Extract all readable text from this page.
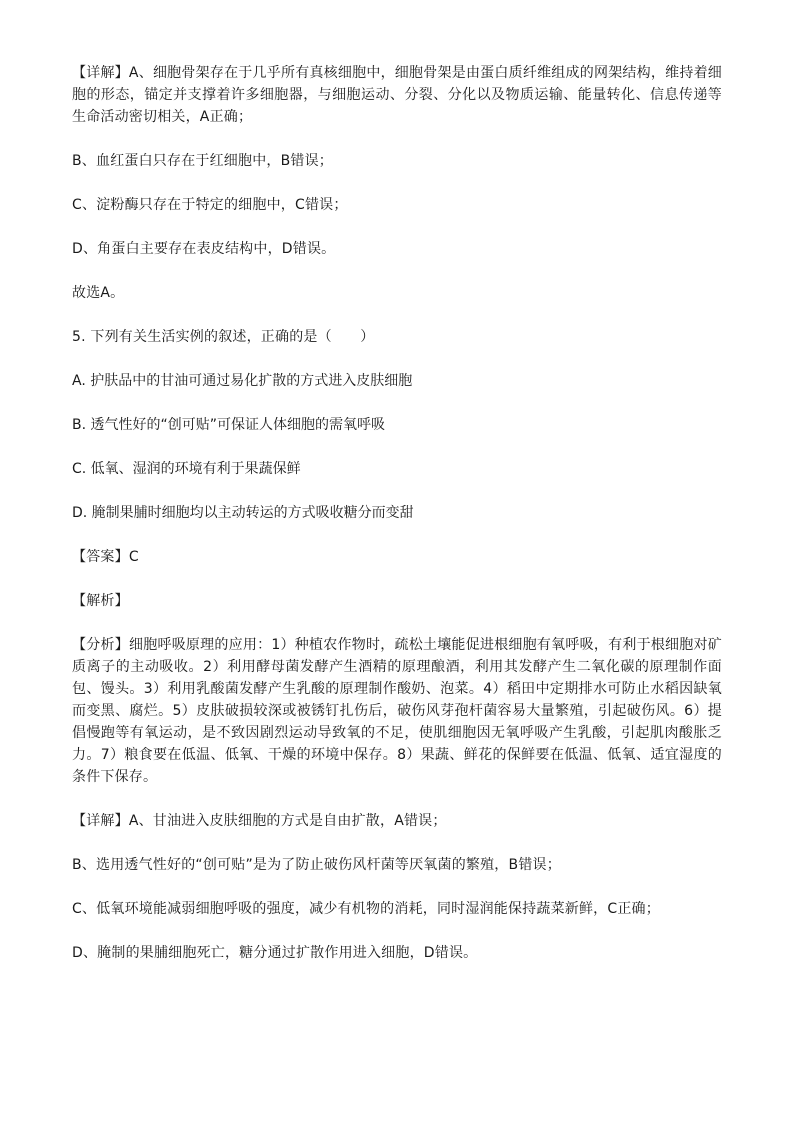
【详解】A、细胞骨架存在于几乎所有真核细胞中，细胞骨架是由蛋白质纤维组成的网架结构，维持着细胞的形态，锚定并支撑着许多细胞器，与细胞运动、分裂、分化以及物质运输、能量转化、信息传递等生命活动密切相关，A正确；

B、血红蛋白只存在于红细胞中，B错误；

C、淀粉酶只存在于特定的细胞中，C错误；

D、角蛋白主要存在表皮结构中，D错误。

故选A。

5. 下列有关生活实例的叙述，正确的是（　　）

A. 护肤品中的甘油可通过易化扩散的方式进入皮肤细胞

B. 透气性好的“创可贴”可保证人体细胞的需氧呼吸

C. 低氧、湿润的环境有利于果蔬保鲜

D. 腌制果脯时细胞均以主动转运的方式吸收糖分而变甜

【答案】C

【解析】

【分析】细胞呼吸原理的应用：1）种植农作物时，疏松土壤能促进根细胞有氧呼吸，有利于根细胞对矿质离子的主动吸收。2）利用酵母菌发酵产生酒精的原理酿酒，利用其发酵产生二氧化碳的原理制作面包、馒头。3）利用乳酸菌发酵产生乳酸的原理制作酸奶、泡菜。4）稻田中定期排水可防止水稻因缺氧而变黑、腐烂。5）皮肤破损较深或被锈钉扎伤后，破伤风芽孢杆菌容易大量繁殖，引起破伤风。6）提倡慢跑等有氧运动，是不致因剧烈运动导致氧的不足，使肌细胞因无氧呼吸产生乳酸，引起肌肉酸胀乏力。7）粮食要在低温、低氧、干燥的环境中保存。8）果蔬、鲜花的保鲜要在低温、低氧、适宜湿度的条件下保存。

【详解】A、甘油进入皮肤细胞的方式是自由扩散，A错误；

B、选用透气性好的“创可贴”是为了防止破伤风杆菌等厌氧菌的繁殖，B错误；

C、低氧环境能减弱细胞呼吸的强度，减少有机物的消耗，同时湿润能保持蔬菜新鲜，C正确；

D、腌制的果脯细胞死亡，糖分通过扩散作用进入细胞，D错误。
